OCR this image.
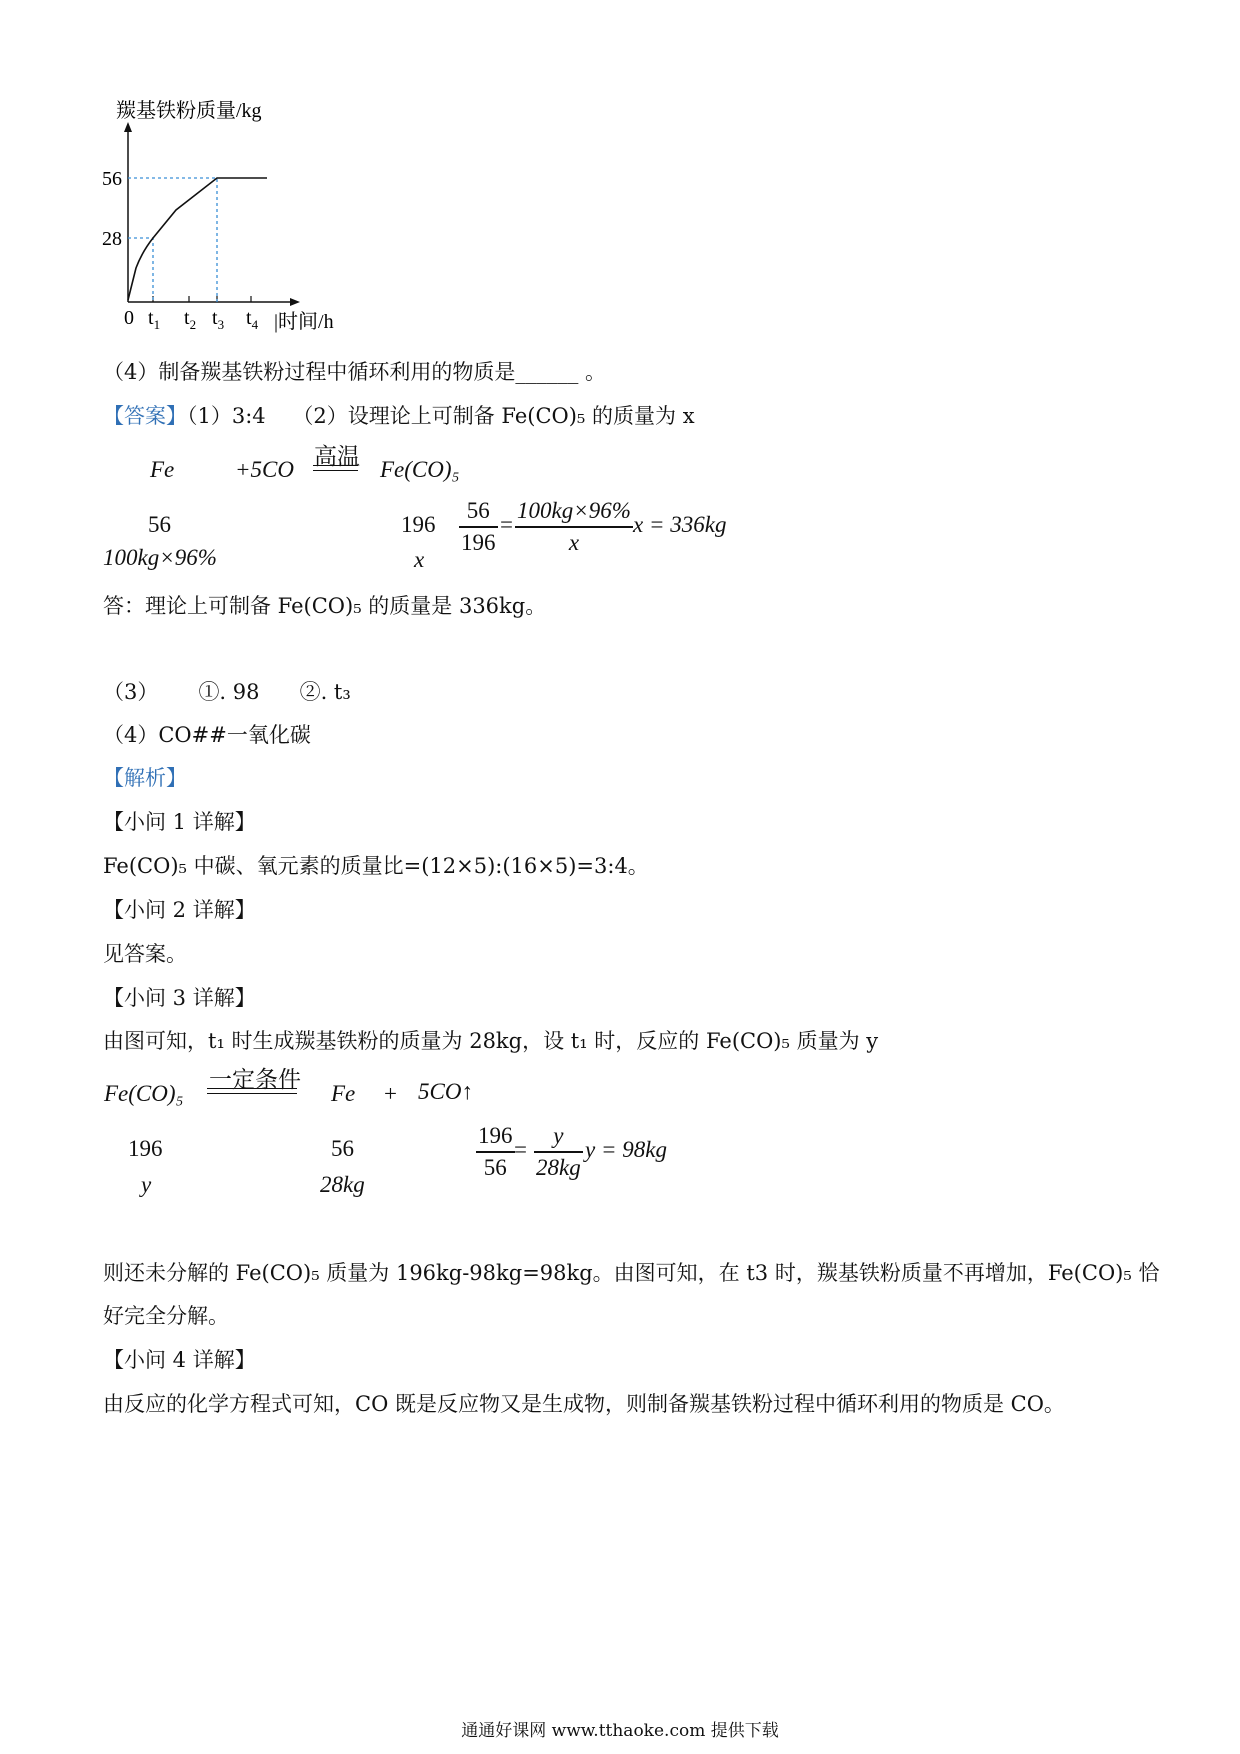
羰基铁粉质量/kg
56
28
0 $t_1$ $t_2$ $t_3$ $t_4$ |时间/h
（4）制备羰基铁粉过程中循环利用的物质是______ 。
【答案】（1）3:4 （2）设理论上可制备 Fe(CO)₅ 的质量为 x
Fe	+5CO 高温 Fe(CO)₅
56	196
56
196
=
100kg×96%
x
x = 336kg
100kg×96%	x
答：理论上可制备 Fe(CO)₅ 的质量是 336kg。
（3） ①. 98 ②. t₃
（4）CO##一氧化碳
【解析】
【小问 1 详解】
Fe(CO)₅ 中碳、氧元素的质量比=(12×5):(16×5)=3:4。
【小问 2 详解】
见答案。
【小问 3 详解】
由图可知，t₁ 时生成羰基铁粉的质量为 28kg，设 t₁ 时，反应的 Fe(CO)₅ 质量为 y
Fe(CO)₅
一定条件
Fe + 5CO↑
196	56
196
56
=
y
28kg
y = 98kg
y	28kg
则还未分解的 Fe(CO)₅ 质量为 196kg-98kg=98kg。由图可知，在 t3 时，羰基铁粉质量不再增加，Fe(CO)₅ 恰
好完全分解。
【小问 4 详解】
由反应的化学方程式可知，CO 既是反应物又是生成物，则制备羰基铁粉过程中循环利用的物质是 CO。
通通好课网 www.tthaoke.com 提供下载
